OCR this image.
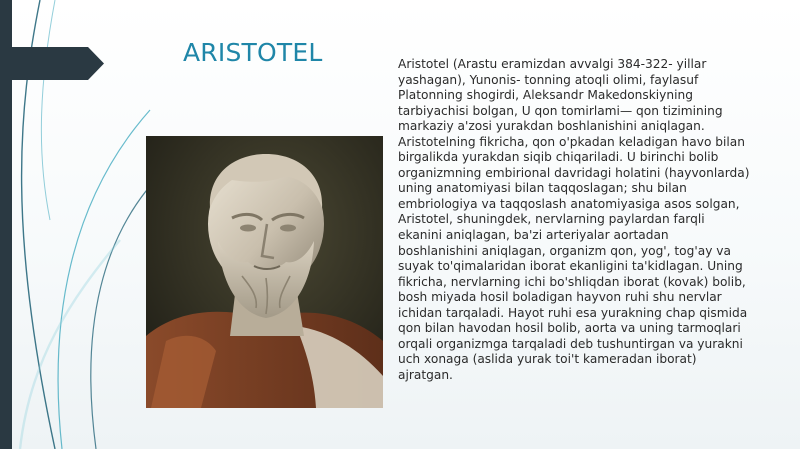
ARISTOTEL	Aristotel (Arastu eramizdan avvalgi 384-322- yillar yashagan), Yunonis- tonning atoqli olimi, faylasuf Platonning shogirdi, Aleksandr Makedonskiyning tarbiyachisi bolgan, U qon tomirlami— qon tizimining markaziy a'zosi yurakdan boshlanishini aniqlagan. Aristotelning fikricha, qon o'pkadan keladigan havo bilan birgalikda yurakdan siqib chiqariladi. U birinchi bolib organizmning embirional davridagi holatini (hayvonlarda) uning anatomiyasi bilan taqqoslagan; shu bilan embriologiya va taqqoslash anatomiyasiga asos solgan, Aristotel, shuningdek, nervlarning paylardan farqli ekanini aniqlagan, ba'zi arteriyalar aortadan boshlanishini aniqlagan, organizm qon, yog', tog'ay va suyak to'qimalaridan iborat ekanligini ta'kidlagan. Uning fikricha, nervlarning ichi bo'shliqdan iborat (kovak) bolib, bosh miyada hosil boladigan hayvon ruhi shu nervlar ichidan tarqaladi. Hayot ruhi esa yurakning chap qismida qon bilan havodan hosil bolib, aorta va uning tarmoqlari orqali organizmga tarqaladi deb tushuntirgan va yurakni uch xonaga (aslida yurak toi't kameradan iborat) ajratgan.
